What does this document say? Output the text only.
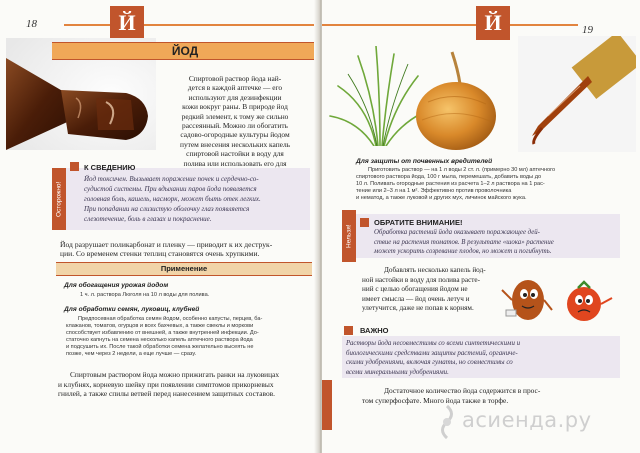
18	Й
ЙОД
Спиртовой раствор йода най-
дется в каждой аптечке — его
используют для дезинфекции
кожи вокруг раны. В природе йод
редкий элемент, к тому же сильно
рассеянный. Можно ли обогатить
садово-огородные культуры йодом
путем внесения нескольких капель
спиртовой настойки в воду для
полива или использовать его для
Осторожно!
К СВЕДЕНИЮ
Йод токсичен. Вызывает поражение почек и сердечно-со-
судистой системы. При вдыхании паров йода появляется
головная боль, кашель, насморк, может быть отек легких.
При попадании на слизистую оболочку глаз появляется
слезотечение, боль в глазах и покраснение.
Йод разрушает поликарбонат и пленку — приводит к их деструк-
ции. Со временем стенки теплиц становятся очень хрупкими.
Применение
Для обогащения урожая йодом
1 ч. л. раствора Люголя на 10 л воды для полива.
Для обработки семян, луковиц, клубней
Предпосевная обработка семян йодом, особенно капусты, перцев, ба-
клажанов, томатов, огурцов и всех бахчевых, а также свеклы и моркови
способствует избавлению от внешней, а также внутренней инфекции. До-
статочно капнуть на семена несколько капель аптечного раствора йода
и подсушить их. После такой обработки семена желательно высеять не
позже, чем через 2 недели, а еще лучше — сразу.
Спиртовым раствором йода можно прижигать ранки на луковицах
и клубнях, корневую шейку при появлении симптомов прикорневых
гнилей, а также спилы ветвей перед нанесением защитных составов.
Й	19
Для защиты от почвенных вредителей
Приготовить раствор — на 1 л воды 2 ст. л. (примерно 30 мл) аптечного
спиртового раствора йода, 100 г мыла, перемешать, добавить воды до
10 л. Поливать огородные растения из расчета 1–2 л раствора на 1 рас-
тение или 2–3 л на 1 м². Эффективно против проволочника
и нематод, а также луковой и других мух, личинок майского жука.
Нельзя!
ОБРАТИТЕ ВНИМАНИЕ!
Обработка растений йода оказывает поражающее дей-
ствие на растения томатов. В результате «шока» растение
может ускорить созревание плодов, но может и погибнуть.
Добавлять несколько капель йод-
ной настойки в воду для полива расте-
ний с целью обогащения йодом не
имеет смысла — йод очень летуч и
улетучится, даже не попав к корням.
ВАЖНО
Растворы йода несовместимы со всеми синтетическими и
биологическими средствами защиты растений, органиче-
скими удобрениями, включая гуматы, но совместимы со
всеми минеральными удобрениями.
Достаточное количество йода содержится в прос-
том суперфосфате. Много йода также в торфе.
асиенда.ру
